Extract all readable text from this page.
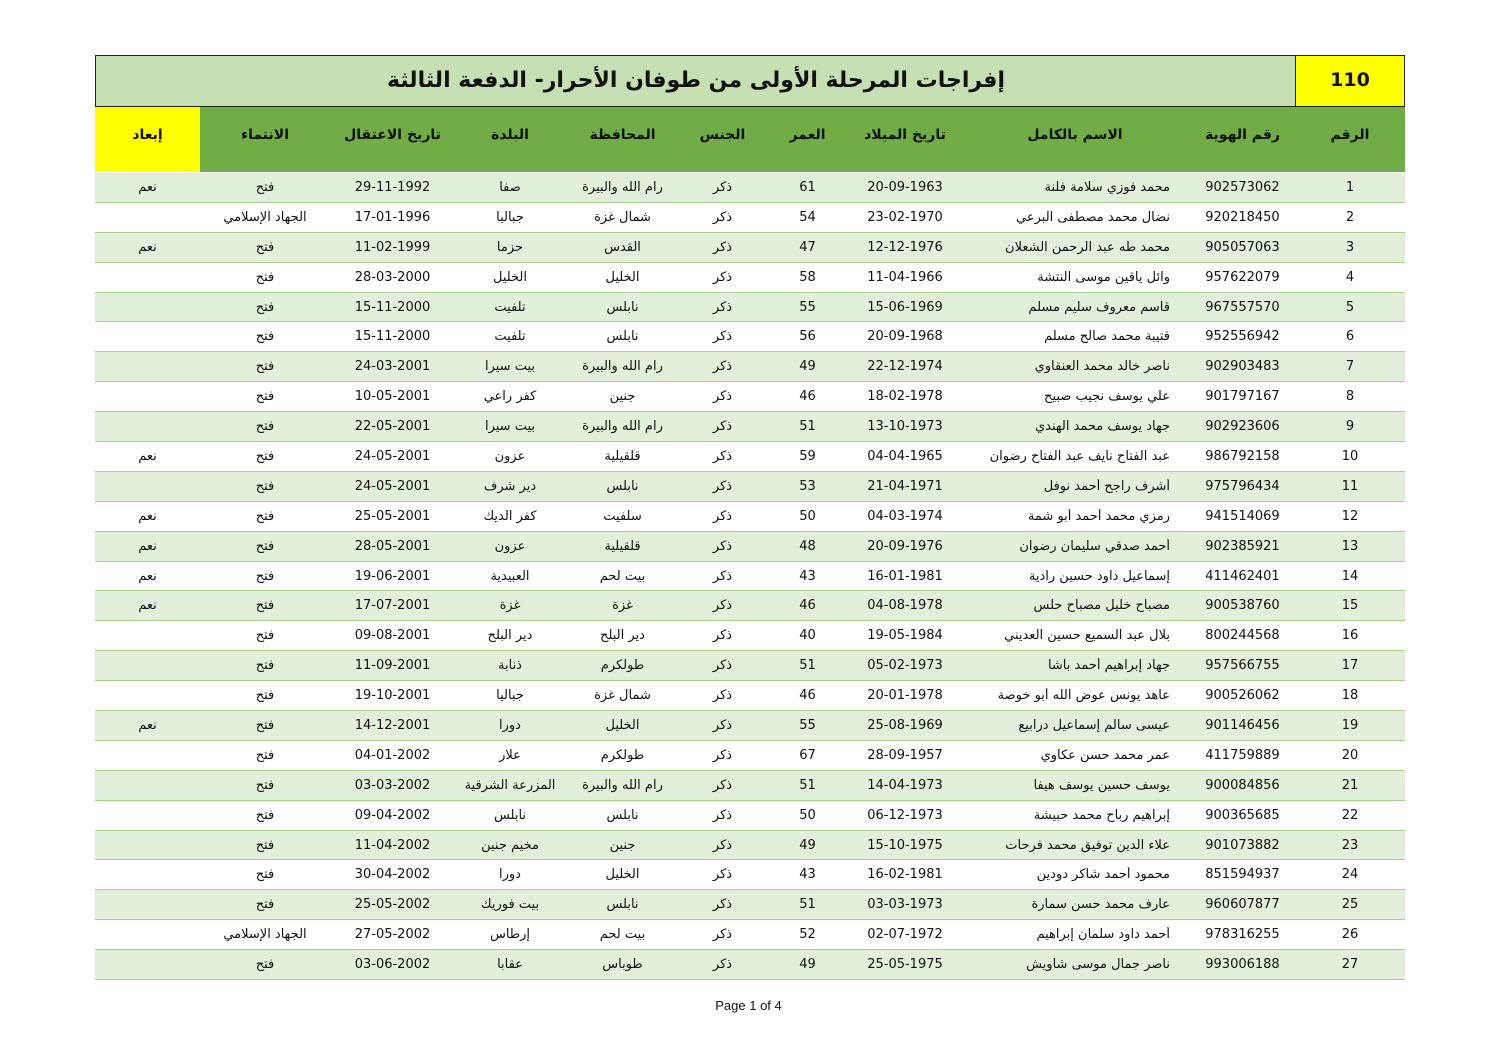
إفراجات المرحلة الأولى من طوفان الأحرار- الدفعة الثالثة	110
الرقم
رقم الهوية
الاسم بالكامل
تاريخ الميلاد
العمر
الجنس
المحافظة
البلدة
تاريخ الاعتقال
الانتماء
إبعاد
1
902573062
محمد فوزي سلامة فلنة
20-09-1963
61
ذكر
رام الله والبيرة
صفا
29-11-1992
فتح
نعم
2
920218450
نضال محمد مصطفى البرعي
23-02-1970
54
ذكر
شمال غزة
جباليا
17-01-1996
الجهاد الإسلامي
3
905057063
محمد طه عبد الرحمن الشعلان
12-12-1976
47
ذكر
القدس
حزما
11-02-1999
فتح
نعم
4
957622079
وائل ياقين موسى النتشة
11-04-1966
58
ذكر
الخليل
الخليل
28-03-2000
فتح
5
967557570
قاسم معروف سليم مسلم
15-06-1969
55
ذكر
نابلس
تلفيت
15-11-2000
فتح
6
952556942
قتيبة محمد صالح مسلم
20-09-1968
56
ذكر
نابلس
تلفيت
15-11-2000
فتح
7
902903483
ناصر خالد محمد العنقاوي
22-12-1974
49
ذكر
رام الله والبيرة
بيت سيرا
24-03-2001
فتح
8
901797167
علي يوسف نجيب صبيح
18-02-1978
46
ذكر
جنين
كفر راعي
10-05-2001
فتح
9
902923606
جهاد يوسف محمد الهندي
13-10-1973
51
ذكر
رام الله والبيرة
بيت سيرا
22-05-2001
فتح
10
986792158
عبد الفتاح نايف عبد الفتاح رضوان
04-04-1965
59
ذكر
قلقيلية
عزون
24-05-2001
فتح
نعم
11
975796434
أشرف راجح أحمد نوفل
21-04-1971
53
ذكر
نابلس
دير شرف
24-05-2001
فتح
12
941514069
رمزي محمد أحمد أبو شمة
04-03-1974
50
ذكر
سلفيت
كفر الديك
25-05-2001
فتح
نعم
13
902385921
أحمد صدقي سليمان رضوان
20-09-1976
48
ذكر
قلقيلية
عزون
28-05-2001
فتح
نعم
14
411462401
إسماعيل داود حسين رادية
16-01-1981
43
ذكر
بيت لحم
العبيدية
19-06-2001
فتح
نعم
15
900538760
مصباح خليل مصباح حلس
04-08-1978
46
ذكر
غزة
غزة
17-07-2001
فتح
نعم
16
800244568
بلال عبد السميع حسين العديني
19-05-1984
40
ذكر
دير البلح
دير البلح
09-08-2001
فتح
17
957566755
جهاد إبراهيم أحمد باشا
05-02-1973
51
ذكر
طولكرم
ذنابة
11-09-2001
فتح
18
900526062
عاهد يونس عوض الله أبو خوصة
20-01-1978
46
ذكر
شمال غزة
جباليا
19-10-2001
فتح
19
901146456
عيسى سالم إسماعيل درابيع
25-08-1969
55
ذكر
الخليل
دورا
14-12-2001
فتح
نعم
20
411759889
عمر محمد حسن عكاوي
28-09-1957
67
ذكر
طولكرم
علار
04-01-2002
فتح
21
900084856
يوسف حسين يوسف هيفا
14-04-1973
51
ذكر
رام الله والبيرة
المزرعة الشرقية
03-03-2002
فتح
22
900365685
إبراهيم رباح محمد حبيشة
06-12-1973
50
ذكر
نابلس
نابلس
09-04-2002
فتح
23
901073882
علاء الدين توفيق محمد فرحات
15-10-1975
49
ذكر
جنين
مخيم جنين
11-04-2002
فتح
24
851594937
محمود أحمد شاكر دودين
16-02-1981
43
ذكر
الخليل
دورا
30-04-2002
فتح
25
960607877
عارف محمد حسن سمارة
03-03-1973
51
ذكر
نابلس
بيت فوريك
25-05-2002
فتح
26
978316255
أحمد داود سلمان إبراهيم
02-07-1972
52
ذكر
بيت لحم
إرطاس
27-05-2002
الجهاد الإسلامي
27
993006188
ناصر جمال موسى شاويش
25-05-1975
49
ذكر
طوباس
عقابا
03-06-2002
فتح
Page 1 of 4
